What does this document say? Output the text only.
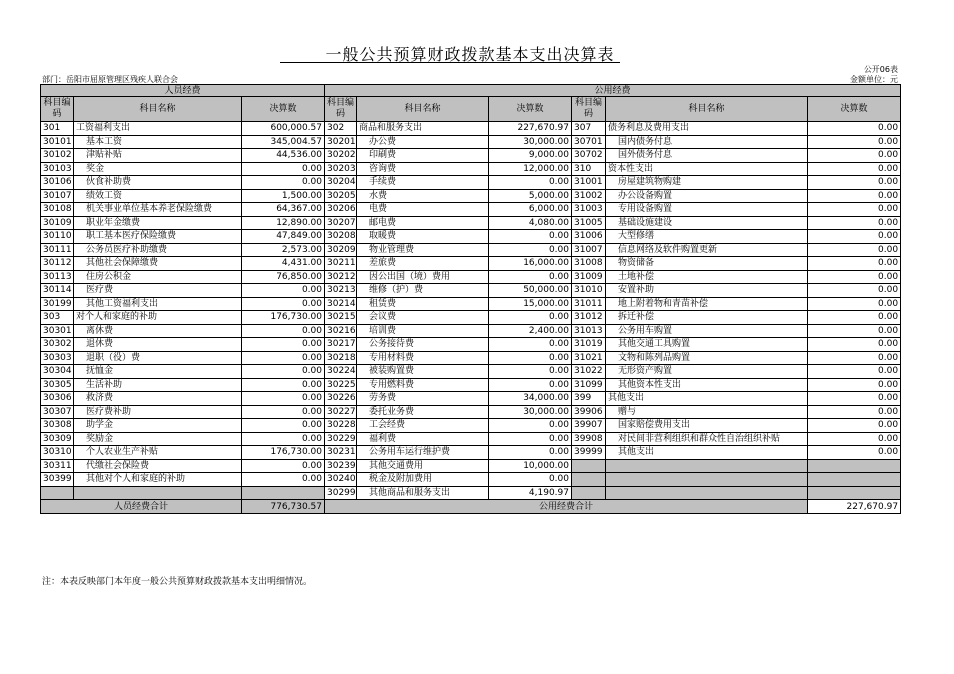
一般公共预算财政拨款基本支出决算表
公开06表
部门：岳阳市屈原管理区残疾人联合会	金额单位：元
人员经费			公用经费					
科目编码	科目名称	决算数	科目编码	科目名称	决算数	科目编码	科目名称	决算数
301	工资福利支出	600,000.57	302	商品和服务支出	227,670.97	307	债务利息及费用支出	0.00
30101	基本工资	345,004.57	30201	办公费	30,000.00	30701	国内债务付息	0.00
30102	津贴补贴	44,536.00	30202	印刷费	9,000.00	30702	国外债务付息	0.00
30103	奖金	0.00	30203	咨询费	12,000.00	310	资本性支出	0.00
30106	伙食补助费	0.00	30204	手续费	0.00	31001	房屋建筑物购建	0.00
30107	绩效工资	1,500.00	30205	水费	5,000.00	31002	办公设备购置	0.00
30108	机关事业单位基本养老保险缴费	64,367.00	30206	电费	6,000.00	31003	专用设备购置	0.00
30109	职业年金缴费	12,890.00	30207	邮电费	4,080.00	31005	基础设施建设	0.00
30110	职工基本医疗保险缴费	47,849.00	30208	取暖费	0.00	31006	大型修缮	0.00
30111	公务员医疗补助缴费	2,573.00	30209	物业管理费	0.00	31007	信息网络及软件购置更新	0.00
30112	其他社会保障缴费	4,431.00	30211	差旅费	16,000.00	31008	物资储备	0.00
30113	住房公积金	76,850.00	30212	因公出国（境）费用	0.00	31009	土地补偿	0.00
30114	医疗费	0.00	30213	维修（护）费	50,000.00	31010	安置补助	0.00
30199	其他工资福利支出	0.00	30214	租赁费	15,000.00	31011	地上附着物和青苗补偿	0.00
303	对个人和家庭的补助	176,730.00	30215	会议费	0.00	31012	拆迁补偿	0.00
30301	离休费	0.00	30216	培训费	2,400.00	31013	公务用车购置	0.00
30302	退休费	0.00	30217	公务接待费	0.00	31019	其他交通工具购置	0.00
30303	退职（役）费	0.00	30218	专用材料费	0.00	31021	文物和陈列品购置	0.00
30304	抚恤金	0.00	30224	被装购置费	0.00	31022	无形资产购置	0.00
30305	生活补助	0.00	30225	专用燃料费	0.00	31099	其他资本性支出	0.00
30306	救济费	0.00	30226	劳务费	34,000.00	399	其他支出	0.00
30307	医疗费补助	0.00	30227	委托业务费	30,000.00	39906	赠与	0.00
30308	助学金	0.00	30228	工会经费	0.00	39907	国家赔偿费用支出	0.00
30309	奖励金	0.00	30229	福利费	0.00	39908	对民间非营利组织和群众性自治组织补贴	0.00
30310	个人农业生产补贴	176,730.00	30231	公务用车运行维护费	0.00	39999	其他支出	0.00
30311	代缴社会保险费	0.00	30239	其他交通费用	10,000.00			
30399	其他对个人和家庭的补助	0.00	30240	税金及附加费用	0.00			
			30299	其他商品和服务支出	4,190.97			
人员经费合计		776,730.57	公用经费合计					227,670.97
注：本表反映部门本年度一般公共预算财政拨款基本支出明细情况。
